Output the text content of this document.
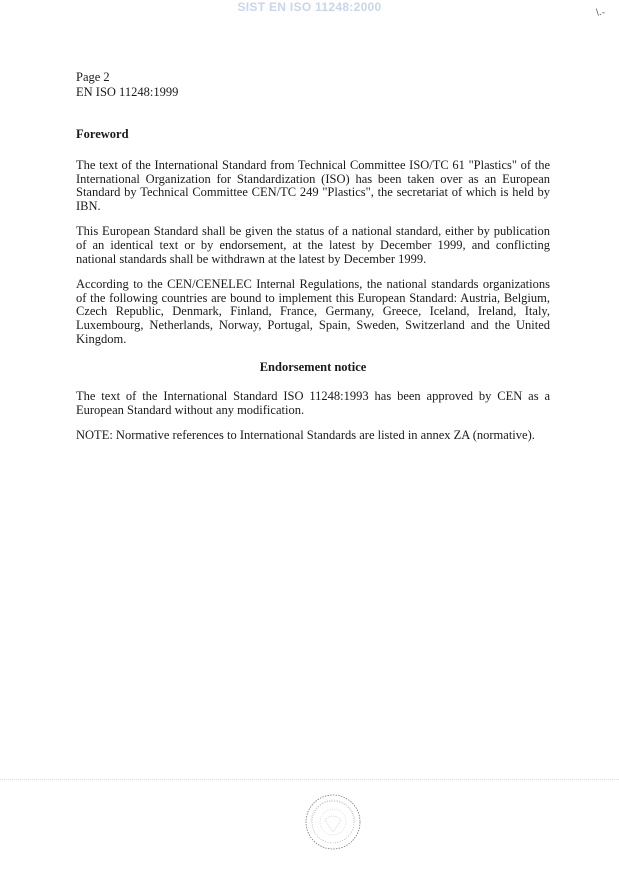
SIST EN ISO 11248:2000	\.-

Page 2

EN ISO 11248:1999

Foreword

The text of the International Standard from Technical Committee ISO/TC 61 "Plastics" of the International Organization for Standardization (ISO) has been taken over as an European Standard by Technical Committee CEN/TC 249 "Plastics", the secretariat of which is held by IBN.

This European Standard shall be given the status of a national standard, either by publication of an identical text or by endorsement, at the latest by December 1999, and conflicting national standards shall be withdrawn at the latest by December 1999.

According to the CEN/CENELEC Internal Regulations, the national standards organizations of the following countries are bound to implement this European Standard: Austria, Belgium, Czech Republic, Denmark, Finland, France, Germany, Greece, Iceland, Ireland, Italy, Luxembourg, Netherlands, Norway, Portugal, Spain, Sweden, Switzerland and the United Kingdom.

Endorsement notice

The text of the International Standard ISO 11248:1993 has been approved by CEN as a European Standard without any modification.

NOTE: Normative references to International Standards are listed in annex ZA (normative).
